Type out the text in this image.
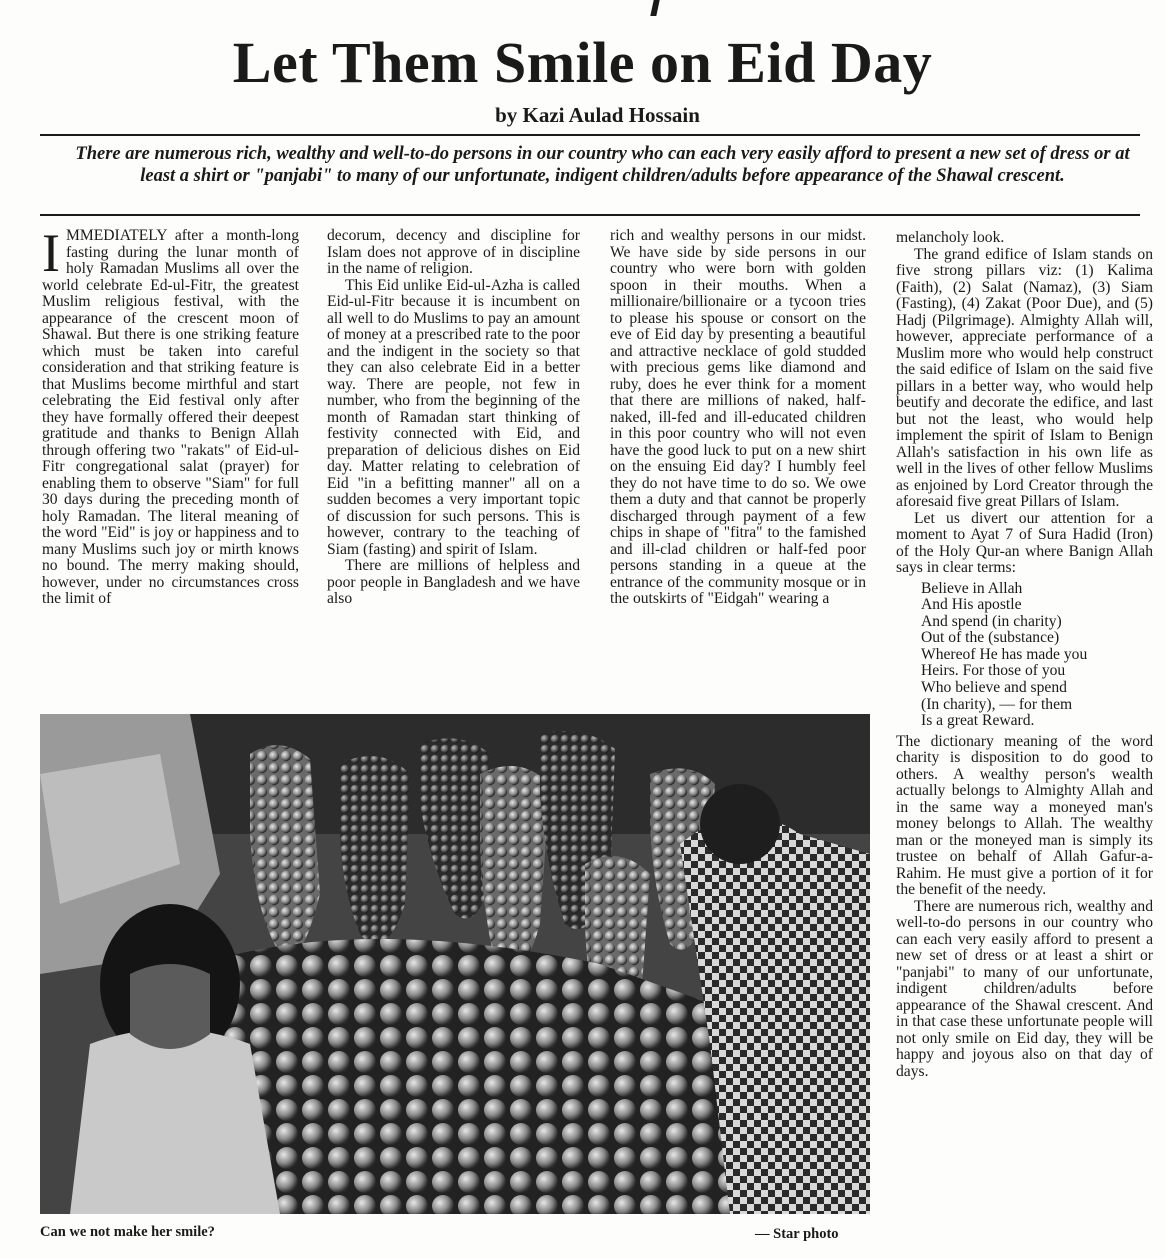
Let Them Smile on Eid Day
by Kazi Aulad Hossain
There are numerous rich, wealthy and well-to-do persons in our country who can each very easily afford to present a new set of dress or at least a shirt or "panjabi" to many of our unfortunate, indigent children/adults before appearance of the Shawal crescent.

IMMEDIATELY after a month-long fasting during the lunar month of holy Ramadan Muslims all over the world celebrate Ed-ul-Fitr, the greatest Muslim religious festival, with the appearance of the crescent moon of Shawal. But there is one striking feature which must be taken into careful consideration and that striking feature is that Muslims become mirthful and start celebrating the Eid festival only after they have formally offered their deepest gratitude and thanks to Benign Allah through offering two "rakats" of Eid-ul-Fitr congregational salat (prayer) for enabling them to observe "Siam" for full 30 days during the preceding month of holy Ramadan. The literal meaning of the word "Eid" is joy or happiness and to many Muslims such joy or mirth knows no bound. The merry making should, however, under no circumstances cross the limit of

decorum, decency and discipline for Islam does not approve of in discipline in the name of religion.

This Eid unlike Eid-ul-Azha is called Eid-ul-Fitr because it is incumbent on all well to do Muslims to pay an amount of money at a prescribed rate to the poor and the indigent in the society so that they can also celebrate Eid in a better way. There are people, not few in number, who from the beginning of the month of Ramadan start thinking of festivity connected with Eid, and preparation of delicious dishes on Eid day. Matter relating to celebration of Eid "in a befitting manner" all on a sudden becomes a very important topic of discussion for such persons. This is however, contrary to the teaching of Siam (fasting) and spirit of Islam.

There are millions of helpless and poor people in Bangladesh and we have also

rich and wealthy persons in our midst. We have side by side persons in our country who were born with golden spoon in their mouths. When a millionaire/billionaire or a tycoon tries to please his spouse or consort on the eve of Eid day by presenting a beautiful and attractive necklace of gold studded with precious gems like diamond and ruby, does he ever think for a moment that there are millions of naked, half-naked, ill-fed and ill-educated children in this poor country who will not even have the good luck to put on a new shirt on the ensuing Eid day? I humbly feel they do not have time to do so. We owe them a duty and that cannot be properly discharged through payment of a few chips in shape of "fitra" to the famished and ill-clad children or half-fed poor persons standing in a queue at the entrance of the community mosque or in the outskirts of "Eidgah" wearing a

melancholy look.

The grand edifice of Islam stands on five strong pillars viz: (1) Kalima (Faith), (2) Salat (Namaz), (3) Siam (Fasting), (4) Zakat (Poor Due), and (5) Hadj (Pilgrimage). Almighty Allah will, however, appreciate performance of a Muslim more who would help construct the said edifice of Islam on the said five pillars in a better way, who would help beutify and decorate the edifice, and last but not the least, who would help implement the spirit of Islam to Benign Allah's satisfaction in his own life as well in the lives of other fellow Muslims as enjoined by Lord Creator through the aforesaid five great Pillars of Islam.

Let us divert our attention for a moment to Ayat 7 of Sura Hadid (Iron) of the Holy Qur-an where Banign Allah says in clear terms:

Believe in Allah
And His apostle
And spend (in charity)
Out of the (substance)
Whereof He has made you
Heirs. For those of you
Who believe and spend
(In charity), — for them
Is a great Reward.

The dictionary meaning of the word charity is disposition to do good to others. A wealthy person's wealth actually belongs to Almighty Allah and in the same way a moneyed man's money belongs to Allah. The wealthy man or the moneyed man is simply its trustee on behalf of Allah Gafur-a-Rahim. He must give a portion of it for the benefit of the needy.

There are numerous rich, wealthy and well-to-do persons in our country who can each very easily afford to present a new set of dress or at least a shirt or "panjabi" to many of our unfortunate, indigent children/adults before appearance of the Shawal crescent. And in that case these unfortunate people will not only smile on Eid day, they will be happy and joyous also on that day of days.

Can we not make her smile?	— Star photo
